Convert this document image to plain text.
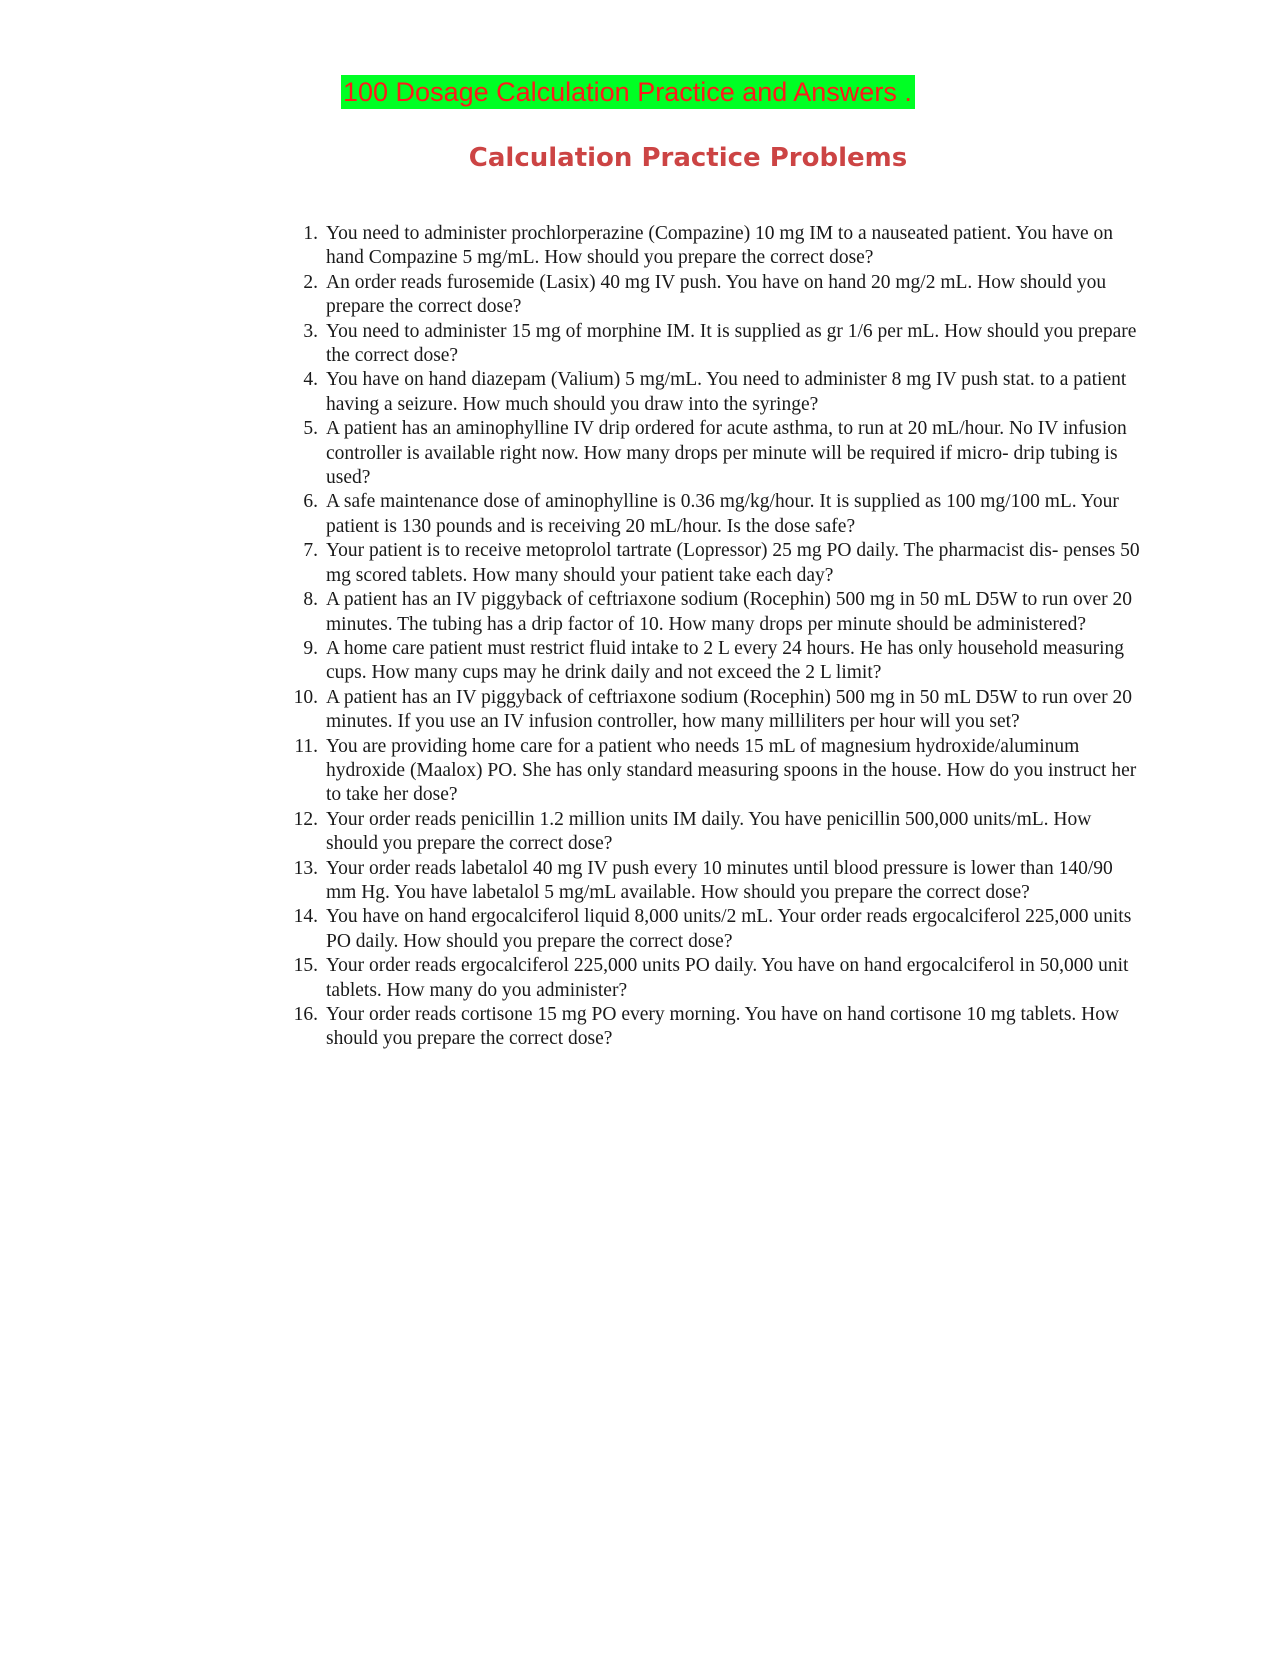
100 Dosage Calculation Practice and Answers .
Calculation Practice Problems
1. You need to administer prochlorperazine (Compazine) 10 mg IM to a nauseated patient. You have on hand Compazine 5 mg/mL. How should you prepare the correct dose?
2. An order reads furosemide (Lasix) 40 mg IV push. You have on hand 20 mg/2 mL. How should you prepare the correct dose?
3. You need to administer 15 mg of morphine IM. It is supplied as gr 1/6 per mL. How should you prepare the correct dose?
4. You have on hand diazepam (Valium) 5 mg/mL. You need to administer 8 mg IV push stat. to a patient having a seizure. How much should you draw into the syringe?
5. A patient has an aminophylline IV drip ordered for acute asthma, to run at 20 mL/hour. No IV infusion controller is available right now. How many drops per minute will be required if micro- drip tubing is used?
6. A safe maintenance dose of aminophylline is 0.36 mg/kg/hour. It is supplied as 100 mg/100 mL. Your patient is 130 pounds and is receiving 20 mL/hour. Is the dose safe?
7. Your patient is to receive metoprolol tartrate (Lopressor) 25 mg PO daily. The pharmacist dis- penses 50 mg scored tablets. How many should your patient take each day?
8. A patient has an IV piggyback of ceftriaxone sodium (Rocephin) 500 mg in 50 mL D5W to run over 20 minutes. The tubing has a drip factor of 10. How many drops per minute should be administered?
9. A home care patient must restrict fluid intake to 2 L every 24 hours. He has only household measuring cups. How many cups may he drink daily and not exceed the 2 L limit?
10. A patient has an IV piggyback of ceftriaxone sodium (Rocephin) 500 mg in 50 mL D5W to run over 20 minutes. If you use an IV infusion controller, how many milliliters per hour will you set?
11. You are providing home care for a patient who needs 15 mL of magnesium hydroxide/aluminum hydroxide (Maalox) PO. She has only standard measuring spoons in the house. How do you instruct her to take her dose?
12. Your order reads penicillin 1.2 million units IM daily. You have penicillin 500,000 units/mL. How should you prepare the correct dose?
13. Your order reads labetalol 40 mg IV push every 10 minutes until blood pressure is lower than 140/90 mm Hg. You have labetalol 5 mg/mL available. How should you prepare the correct dose?
14. You have on hand ergocalciferol liquid 8,000 units/2 mL. Your order reads ergocalciferol 225,000 units PO daily. How should you prepare the correct dose?
15. Your order reads ergocalciferol 225,000 units PO daily. You have on hand ergocalciferol in 50,000 unit tablets. How many do you administer?
16. Your order reads cortisone 15 mg PO every morning. You have on hand cortisone 10 mg tablets. How should you prepare the correct dose?
